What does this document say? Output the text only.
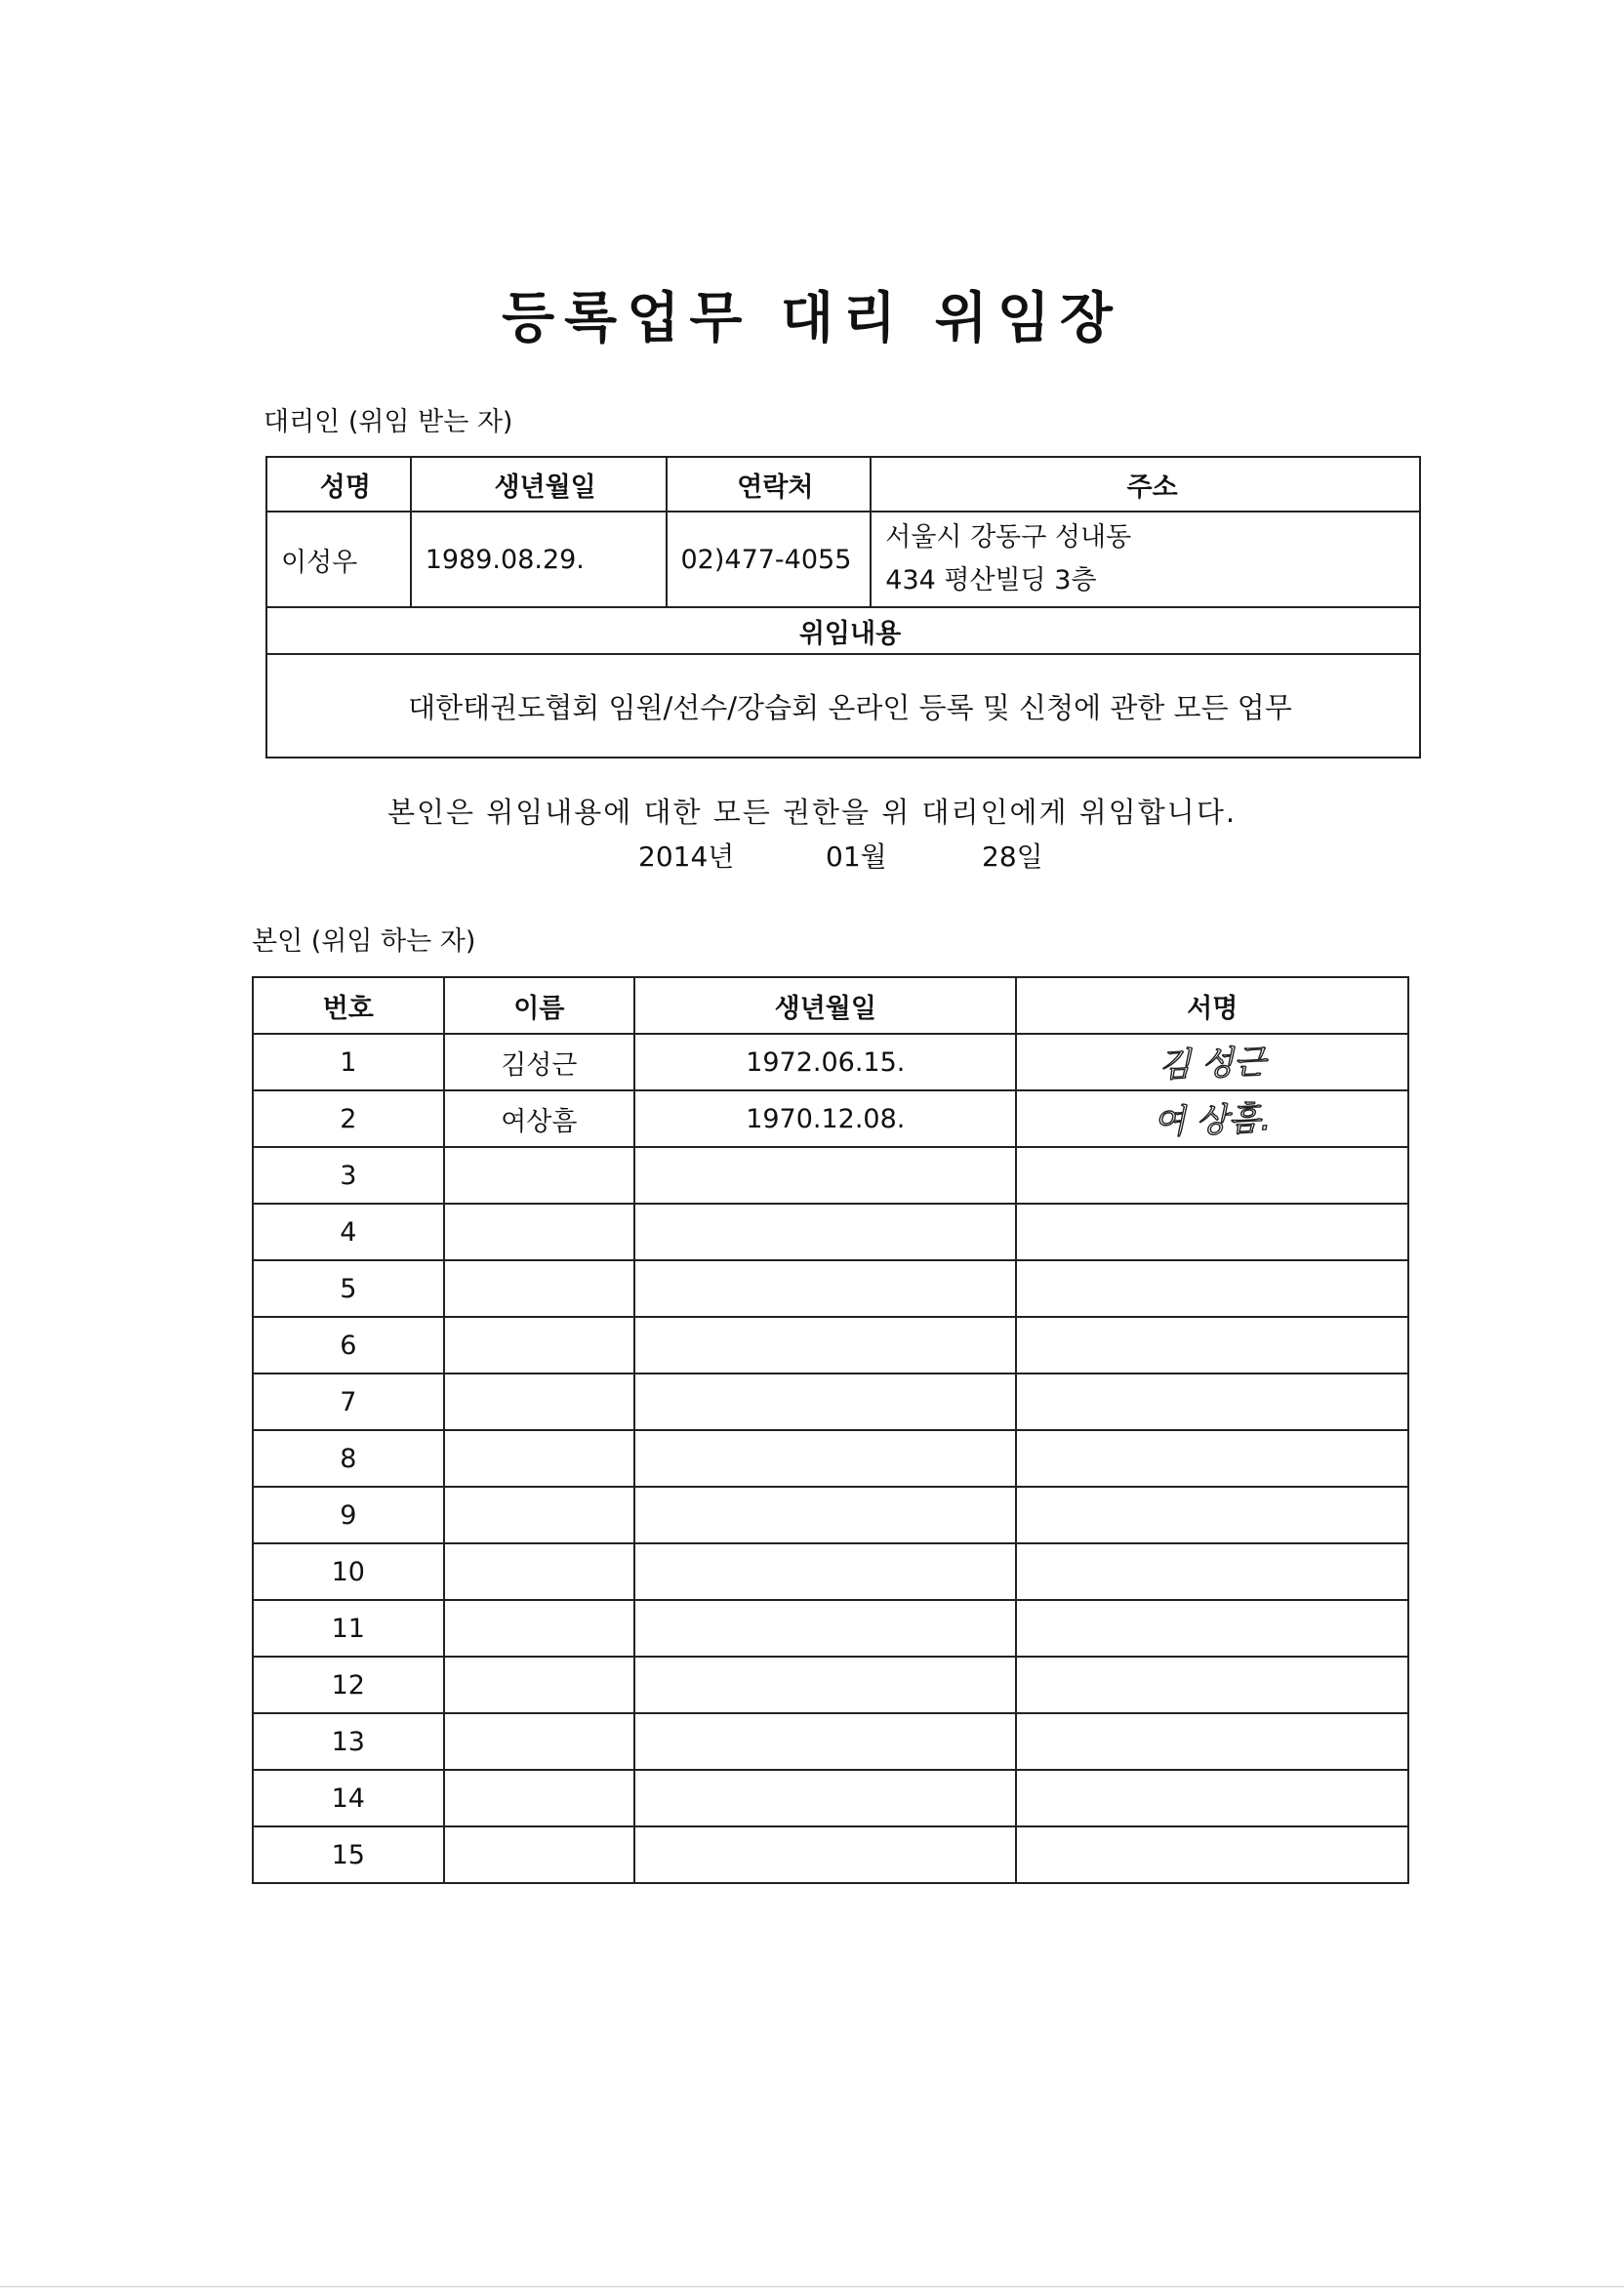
등록업무 대리 위임장
대리인 (위임 받는 자)
성명	생년월일	연락처	주소
이성우	1989.08.29.	02)477-4055	서울시 강동구 성내동
434 평산빌딩 3층

위임내용			
대한태권도협회 임원/선수/강습회 온라인 등록 및 신청에 관한 모든 업무			
본인은 위임내용에 대한 모든 권한을 위 대리인에게 위임합니다.
2014년	01월	28일
본인 (위임 하는 자)
번호	이름	생년월일	서명
1	김성근	1972.06.15.	김 성근

2	여상흠	1970.12.08.	여 상흠.

3			
4			
5			
6			
7			
8			
9			
10			
11			
12			
13			
14			
15			
